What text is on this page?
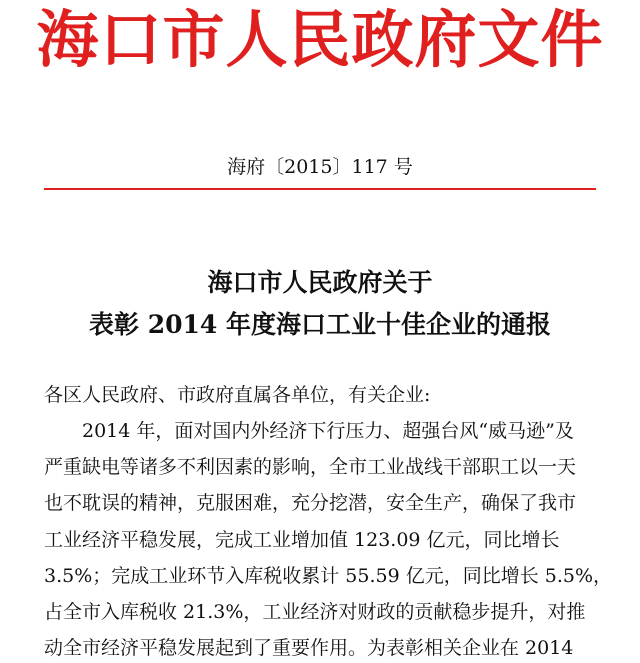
海口市人民政府文件
海府〔2015〕117 号
海口市人民政府关于
表彰 2014 年度海口工业十佳企业的通报
各区人民政府、市政府直属各单位，有关企业:
2014 年，面对国内外经济下行压力、超强台风“威马逊”及
严重缺电等诸多不利因素的影响，全市工业战线干部职工以一天
也不耽误的精神，克服困难，充分挖潜，安全生产，确保了我市
工业经济平稳发展，完成工业增加值 123.09 亿元，同比增长
3.5%；完成工业环节入库税收累计 55.59 亿元，同比增长 5.5%，
占全市入库税收 21.3%，工业经济对财政的贡献稳步提升，对推
动全市经济平稳发展起到了重要作用。为表彰相关企业在 2014
